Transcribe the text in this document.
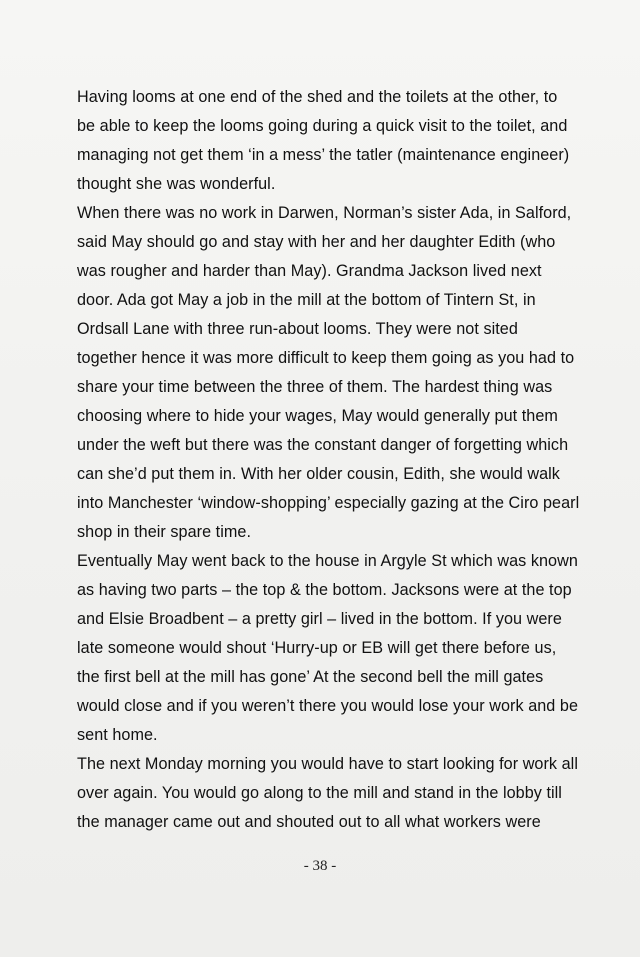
Having looms at one end of the shed and the toilets at the other, to
be able to keep the looms going during a quick visit to the toilet, and
managing not get them ‘in a mess’ the tatler (maintenance engineer)
thought she was wonderful.
When there was no work in Darwen, Norman’s sister Ada, in Salford,
said May should go and stay with her and her daughter Edith (who
was rougher and harder than May). Grandma Jackson lived next
door. Ada got May a job in the mill at the bottom of Tintern St, in
Ordsall Lane with three run-about looms. They were not sited
together hence it was more difficult to keep them going as you had to
share your time between the three of them. The hardest thing was
choosing where to hide your wages, May would generally put them
under the weft but there was the constant danger of forgetting which
can she’d put them in. With her older cousin, Edith, she would walk
into Manchester ‘window-shopping’ especially gazing at the Ciro pearl
shop in their spare time.
Eventually May went back to the house in Argyle St which was known
as having two parts – the top & the bottom. Jacksons were at the top
and Elsie Broadbent – a pretty girl – lived in the bottom. If you were
late someone would shout ‘Hurry-up or EB will get there before us,
the first bell at the mill has gone’ At the second bell the mill gates
would close and if you weren’t there you would lose your work and be
sent home.
The next Monday morning you would have to start looking for work all
over again. You would go along to the mill and stand in the lobby till
the manager came out and shouted out to all what workers were
- 38 -
